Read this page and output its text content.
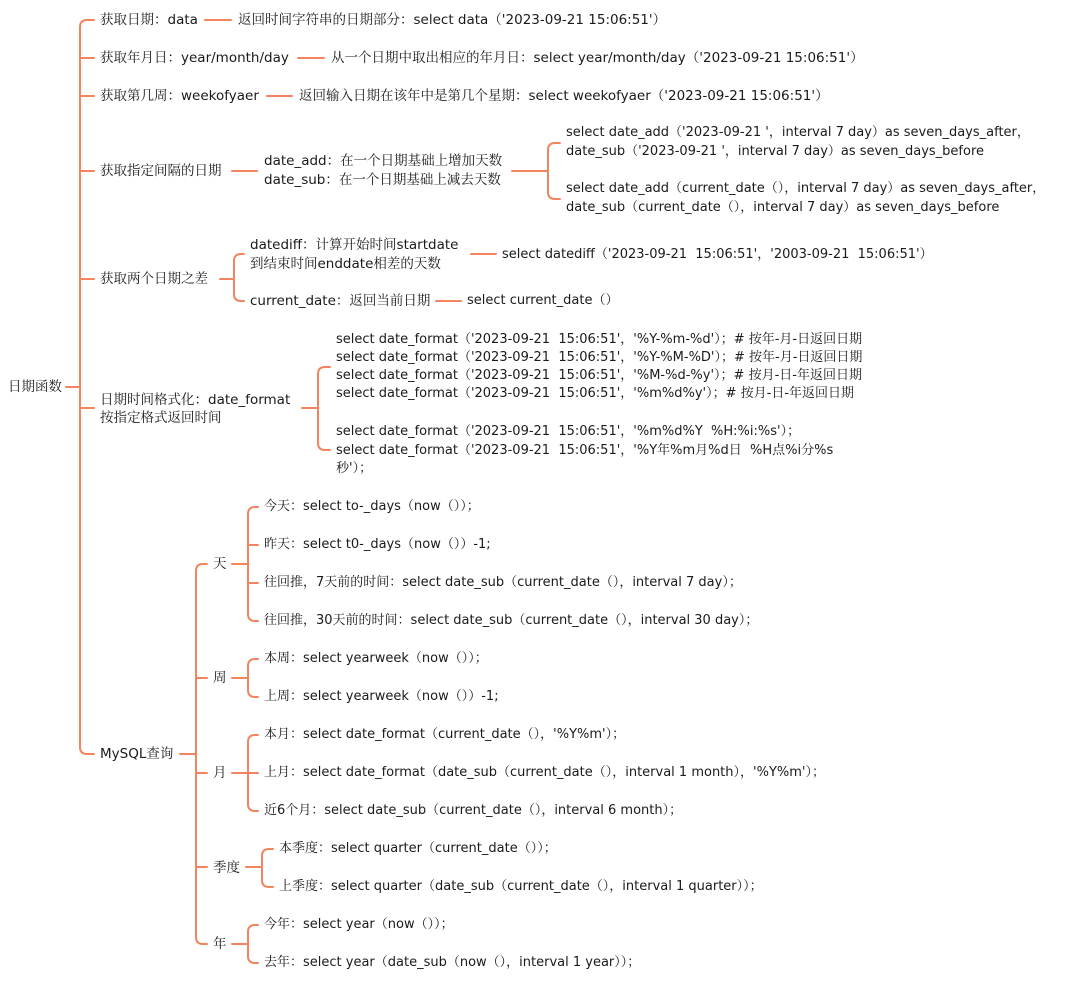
日期函数
获取日期：data	返回时间字符串的日期部分：select data（'2023-09-21 15:06:51'）
获取年月日：year/month/day	从一个日期中取出相应的年月日：select year/month/day（'2023-09-21 15:06:51'）
获取第几周：weekofyaer	返回输入日期在该年中是第几个星期：select weekofyaer（'2023-09-21 15:06:51'）
获取指定间隔的日期
date_add：在一个日期基础上增加天数
date_sub：在一个日期基础上减去天数
select date_add（'2023-09-21 '，interval 7 day）as seven_days_after，
date_sub（'2023-09-21 '，interval 7 day）as seven_days_before
select date_add（current_date（），interval 7 day）as seven_days_after，
date_sub（current_date（），interval 7 day）as seven_days_before
获取两个日期之差
datediff：计算开始时间startdate
到结束时间enddate相差的天数
select datediff（'2023-09-21  15:06:51'，'2003-09-21  15:06:51'）
current_date：返回当前日期	select current_date（）
日期时间格式化：date_format
按指定格式返回时间
select date_format（'2023-09-21  15:06:51'，'%Y-%m-%d'）；# 按年-月-日返回日期
select date_format（'2023-09-21  15:06:51'，'%Y-%M-%D'）；# 按年-月-日返回日期
select date_format（'2023-09-21  15:06:51'，'%M-%d-%y'）；# 按月-日-年返回日期
select date_format（'2023-09-21  15:06:51'，'%m%d%y'）；# 按月-日-年返回日期
select date_format（'2023-09-21  15:06:51'，'%m%d%Y  %H:%i:%s'）；
select date_format（'2023-09-21  15:06:51'，'%Y年%m月%d日  %H点%i分%s
秒'）；
MySQL查询
天
今天：select to-_days（now（））；
昨天：select t0-_days（now（））-1;
往回推，7天前的时间：select date_sub（current_date（），interval 7 day）；
往回推，30天前的时间：select date_sub（current_date（），interval 30 day）；
周
本周：select yearweek（now（））；
上周：select yearweek（now（））-1;
月
本月：select date_format（current_date（），'%Y%m'）；
上月：select date_format（date_sub（current_date（），interval 1 month），'%Y%m'）；
近6个月：select date_sub（current_date（），interval 6 month）；
季度
本季度：select quarter（current_date（））；
上季度：select quarter（date_sub（current_date（），interval 1 quarter））；
年
今年：select year（now（））；
去年：select year（date_sub（now（），interval 1 year））；
